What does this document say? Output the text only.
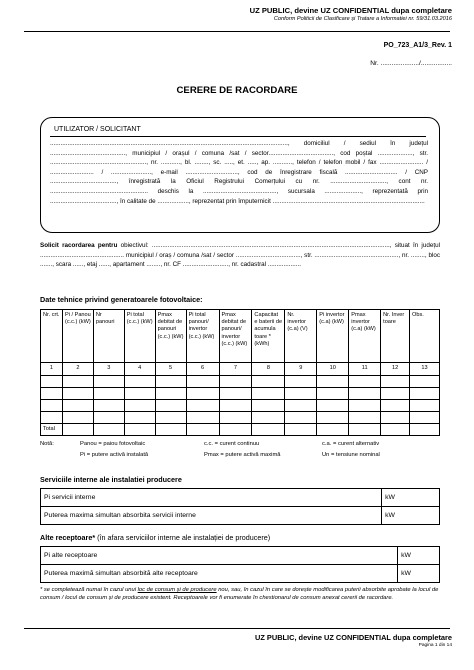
UZ PUBLIC, devine UZ CONFIDENTIAL dupa completare
Conform Politicii de Clasificare și Tratare a Informatiei nr. 59/31.03.2016
PO_723_A1/3_Rev. 1
Nr. ...................../.................
CERERE DE RACORDARE
UTILIZATOR / SOLICITANT
........................................................................................................................................, domiciliul / sediul în județul ..........................................., municipiul / orașul / comuna /sat / sector....................................., cod poștal ...................., str. ......................................................., nr. ..........., bl. ........, sc. ....., et. ....., ap. ..........., telefon / telefon mobil / fax ......................... / ......................... / ......................., e-mail .............................., cod de înregistrare fiscală .............................. / CNP ......................................, înregistrată la Oficiul Registrului Comerțului cu nr. ................................, cont nr. ........................................................ deschis la .........................................., sucursala ....................., reprezentată prin ......................................, în calitate de .................., reprezentat prin împuternicit .......................................................................................
Solicit racordarea pentru obiectivul: ........................................................................................................................................, situat în județul ................................................ municipiul / oraș / comuna /sat / sector ....................................., str. ................................................, nr. ........, bloc ......., scara ......, etaj ......, apartament ........, nr. CF .........................., nr. cadastral ...................
Date tehnice privind generatoarele fotovoltaice:
Nr. crt.	Pi / Panou (c.c.) (kW)	Nr panouri	Pi total (c.c.) (kW)	Pmax debitat de panouri (c.c.) (kW)	Pi total panouri/ invertor (c.c.) (kW)	Pmax debitat de panouri/ invertor (c.c.) (kW)	Capacitat e baterii de acumula toare * (kWh)	Nr. invertor (c.a) (V)	Pi invertor (c.a) (kW)	Pmax invertor (c.a) (kW)	Nr. Inver toare	Obs.
1	2	3	4	5	6	7	8	9	10	11	12	13

Total												
Notă:	Panou = paiou fotovoltaic	c.c. = curent continuu	c.a. = curent alternativ
Pi = putere activă instalată	Pmax = putere activă maximă	Un = tensiune nominal
Serviciile interne ale instalatiei producere
Pi servicii interne	kW
Puterea maxima simultan absorbita servicii interne	kW
Alte receptoare* (în afara serviciilor interne ale instalației de producere)
Pi alte receptoare	kW
Puterea maximă simultan absorbită alte receptoare	kW
* se completează numai în cazul unui loc de consum și de producere nou, sau, în cazul în care se dorește modificarea puterii absorbite aprobate la locul de consum / locul de consum și de producere existent. Receptoarele vor fi enumerate în chestionarul de consum anexat cererii de racordare.
UZ PUBLIC, devine UZ CONFIDENTIAL dupa completare
Pagina 1 din 14
